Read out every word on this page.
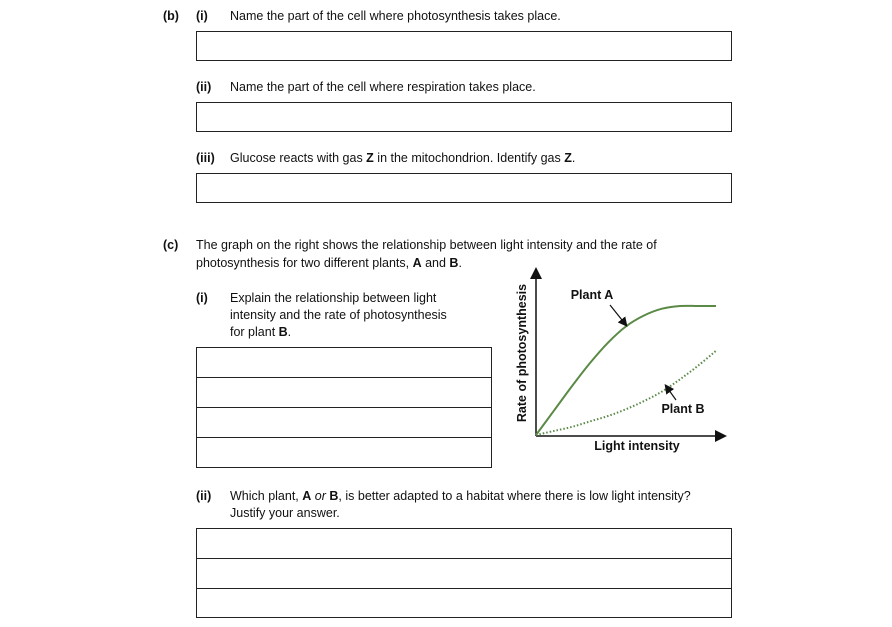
(b) (i) Name the part of the cell where photosynthesis takes place.
(ii) Name the part of the cell where respiration takes place.
(iii) Glucose reacts with gas Z in the mitochondrion. Identify gas Z.
(c) The graph on the right shows the relationship between light intensity and the rate of
photosynthesis for two different plants, A and B.
(i) Explain the relationship between light
intensity and the rate of photosynthesis
for plant B.	Rate of photosynthesis
Light intensity
Plant A
Plant B
(ii) Which plant, A or B, is better adapted to a habitat where there is low light intensity?
Justify your answer.
